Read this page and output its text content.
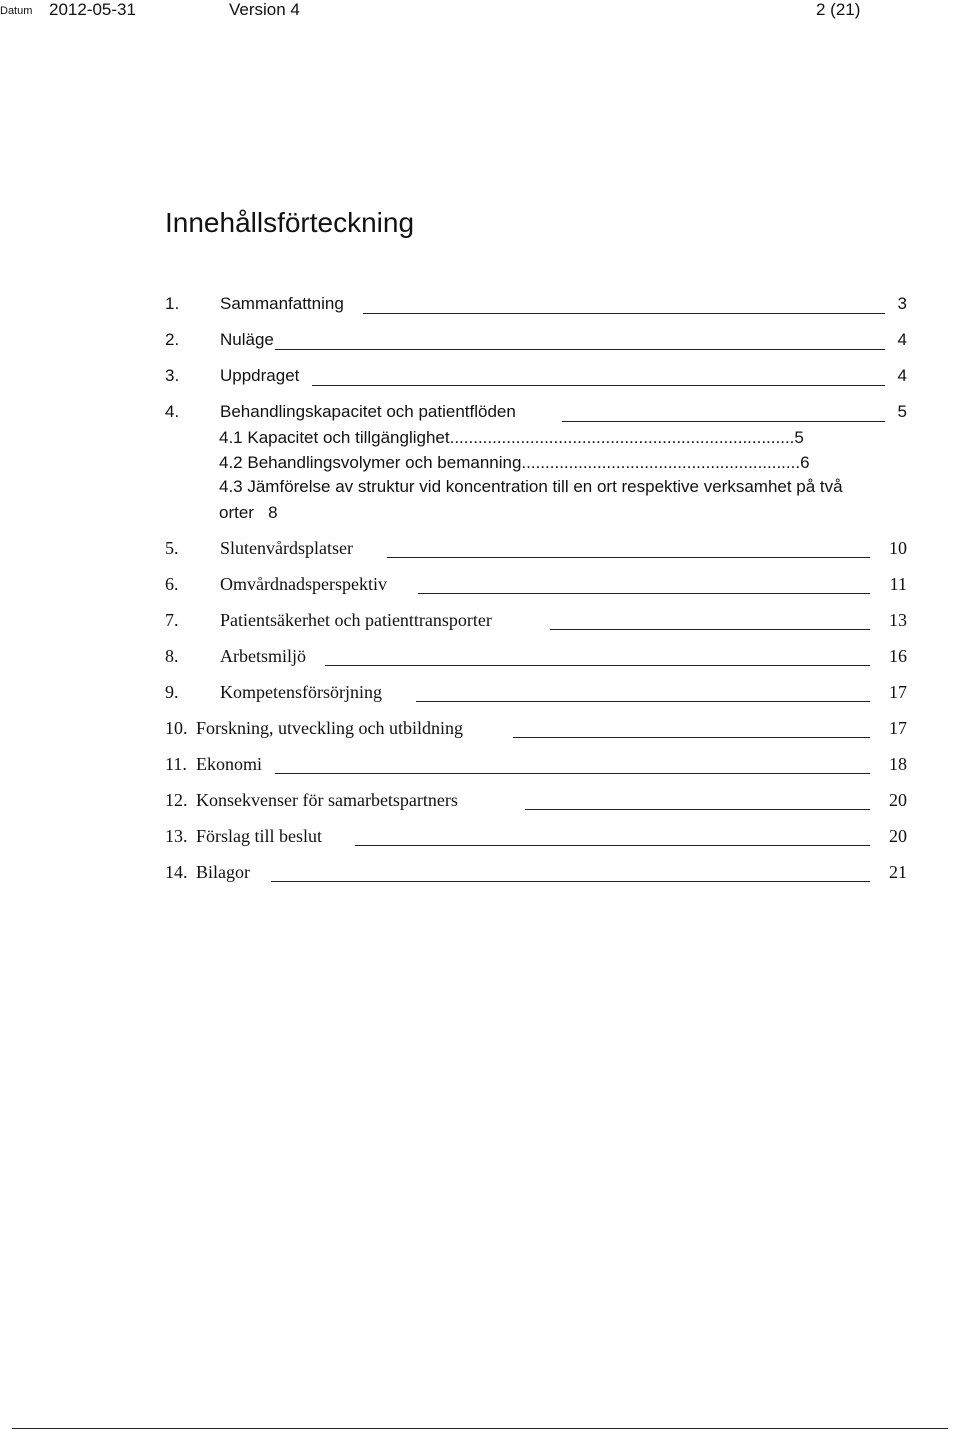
Datum 2012-05-31	Version 4	2 (21)
Innehållsförteckning
1. Sammanfattning	3
2. Nuläge	4
3. Uppdraget	4
4. Behandlingskapacitet och patientflöden	5
4.1 Kapacitet och tillgänglighet.........................................................................5
4.2 Behandlingsvolymer och bemanning...........................................................6
4.3 Jämförelse av struktur vid koncentration till en ort respektive verksamhet på två
orter   8
5. Slutenvårdsplatser	10
6. Omvårdnadsperspektiv	11
7. Patientsäkerhet och patienttransporter	13
8. Arbetsmiljö	16
9. Kompetensförsörjning	17
10. Forskning, utveckling och utbildning	17
11. Ekonomi	18
12. Konsekvenser för samarbetspartners	20
13. Förslag till beslut	20
14. Bilagor	21
